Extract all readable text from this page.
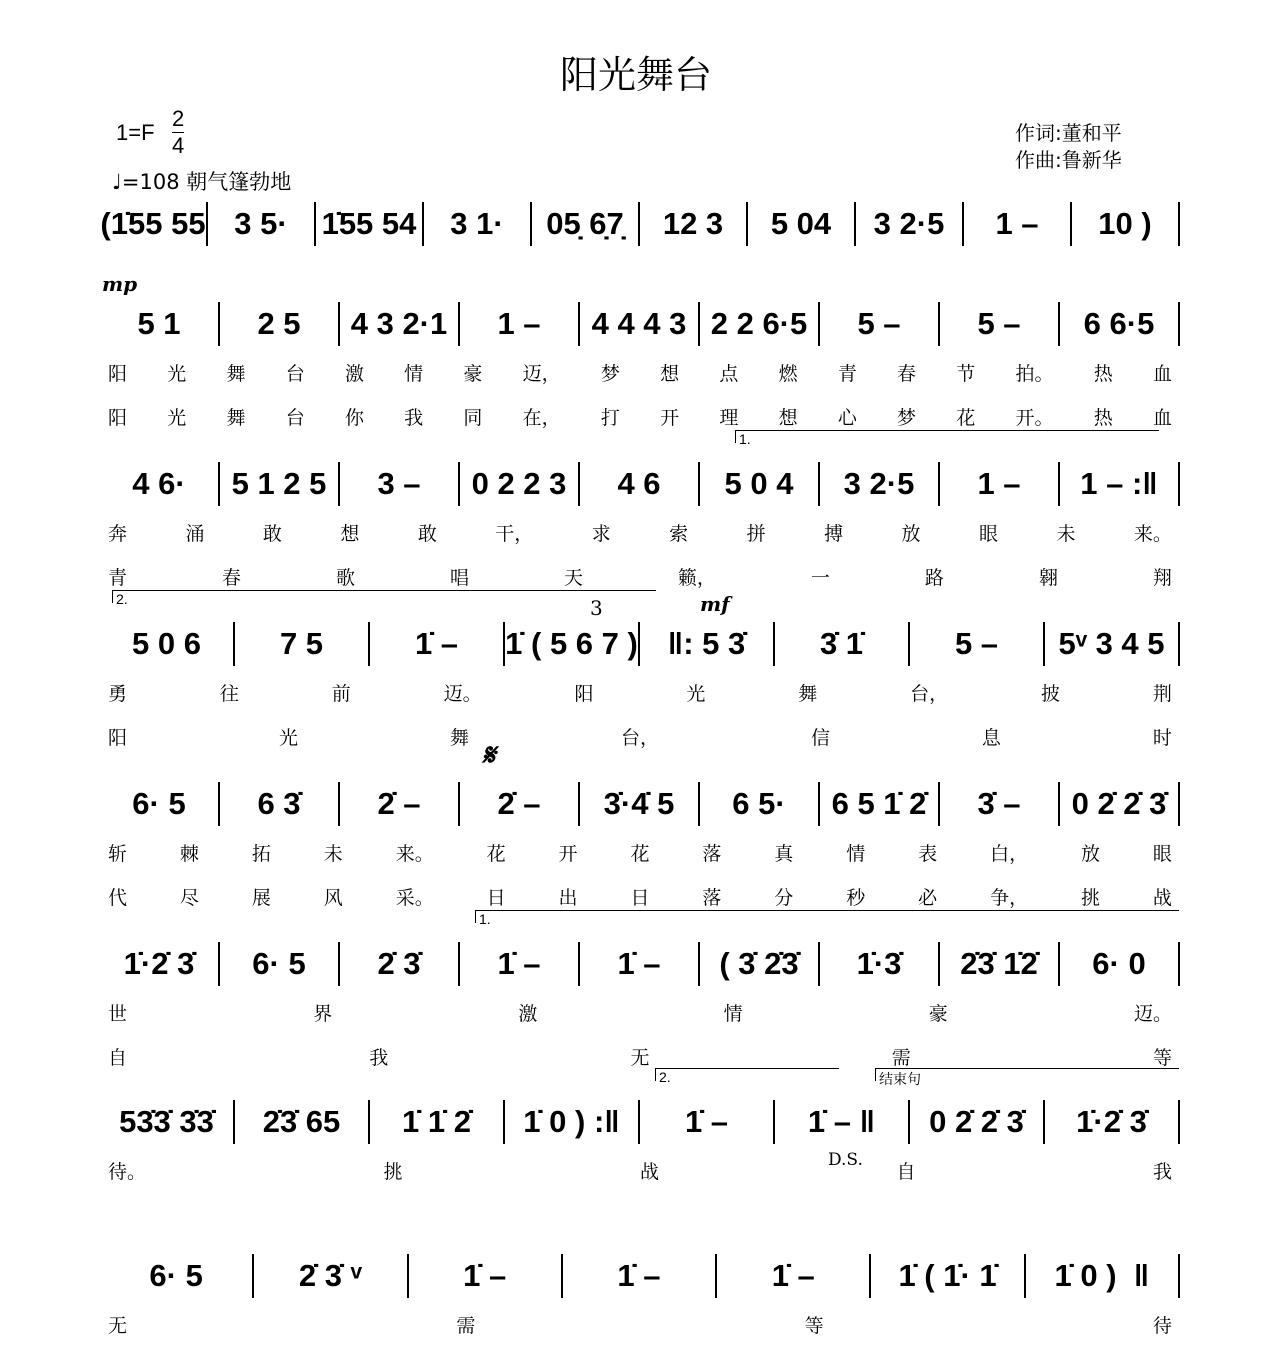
阳光舞台
1=F
2
4
♩=108 朝气篷勃地
作词:董和平
作曲:鲁新华
(1̇55 55 3 5·	1̇55 54	3 1·	05̣ 6̣7̣	12 3	5 04	3 2·5	1 –	10 )
5 1	2 5	4 3 2·1	1 –	4 4 4 3 2 2 6·5	5 –	5 –	6 6·5
阳 光 舞 台 激 情 豪 迈， 梦 想 点 燃 青 春 节 拍。 热 血
阳 光 舞 台 你 我 同 在， 打 开 理 想 心 梦 花 开。 热 血
mp
4 6·	5 1 2 5	3 –	0 2 2 3	4 6	5 0 4	3 2·5	1 –	1 – :‖
奔	涌	敢	想	敢	干，	求	索	拼	搏	放	眼	未	来。
青	春	歌	唱	天	籁，	一	路	翱	翔
1.
5 0 6	7 5	1̇ –	1̇ ( 5 6 7 ) ‖: 5 3̇	3̇ 1̇	5 –	5ᵛ 3 4 5
勇	往	前	迈。	阳	光	舞	台，	披	荆
阳	光	舞	台，	信	息	时
mf
2.	3
6· 5	6 3̇	2̇ –	2̇ –	3̇·4̇ 5	6 5·	6 5 1̇ 2̇	3̇ –	0 2̇ 2̇ 3̇
斩	棘	拓	未	来。	花	开	花	落	真	情	表	白，	放	眼
代	尽	展	风	采。	日	出	日	落	分	秒	必	争，	挑	战
𝄋
1̇·2̇ 3̇	6· 5	2̇ 3̇	1̇ –	1̇ –	( 3̇ 2̇3̇	1̇·3̇	2̇3̇ 1̇2̇	6· 0
世	界	激	情	豪	迈。
自	我	无	需	等
1.
53̇3̇ 3̇3̇	2̇3̇ 65	1̇ 1̇ 2̇	1̇ 0 ) :‖	1̇ –	1̇ – ‖	0 2̇ 2̇ 3̇	1̇·2̇ 3̇
待。	挑	战	自	我
2.	结束句
D.S.
6· 5	2̇ 3̇ ᵛ	1̇ –	1̇ –	1̇ –	1̇ ( 1̇· 1̇	1̇ 0 )  ‖
无	需	等	待
